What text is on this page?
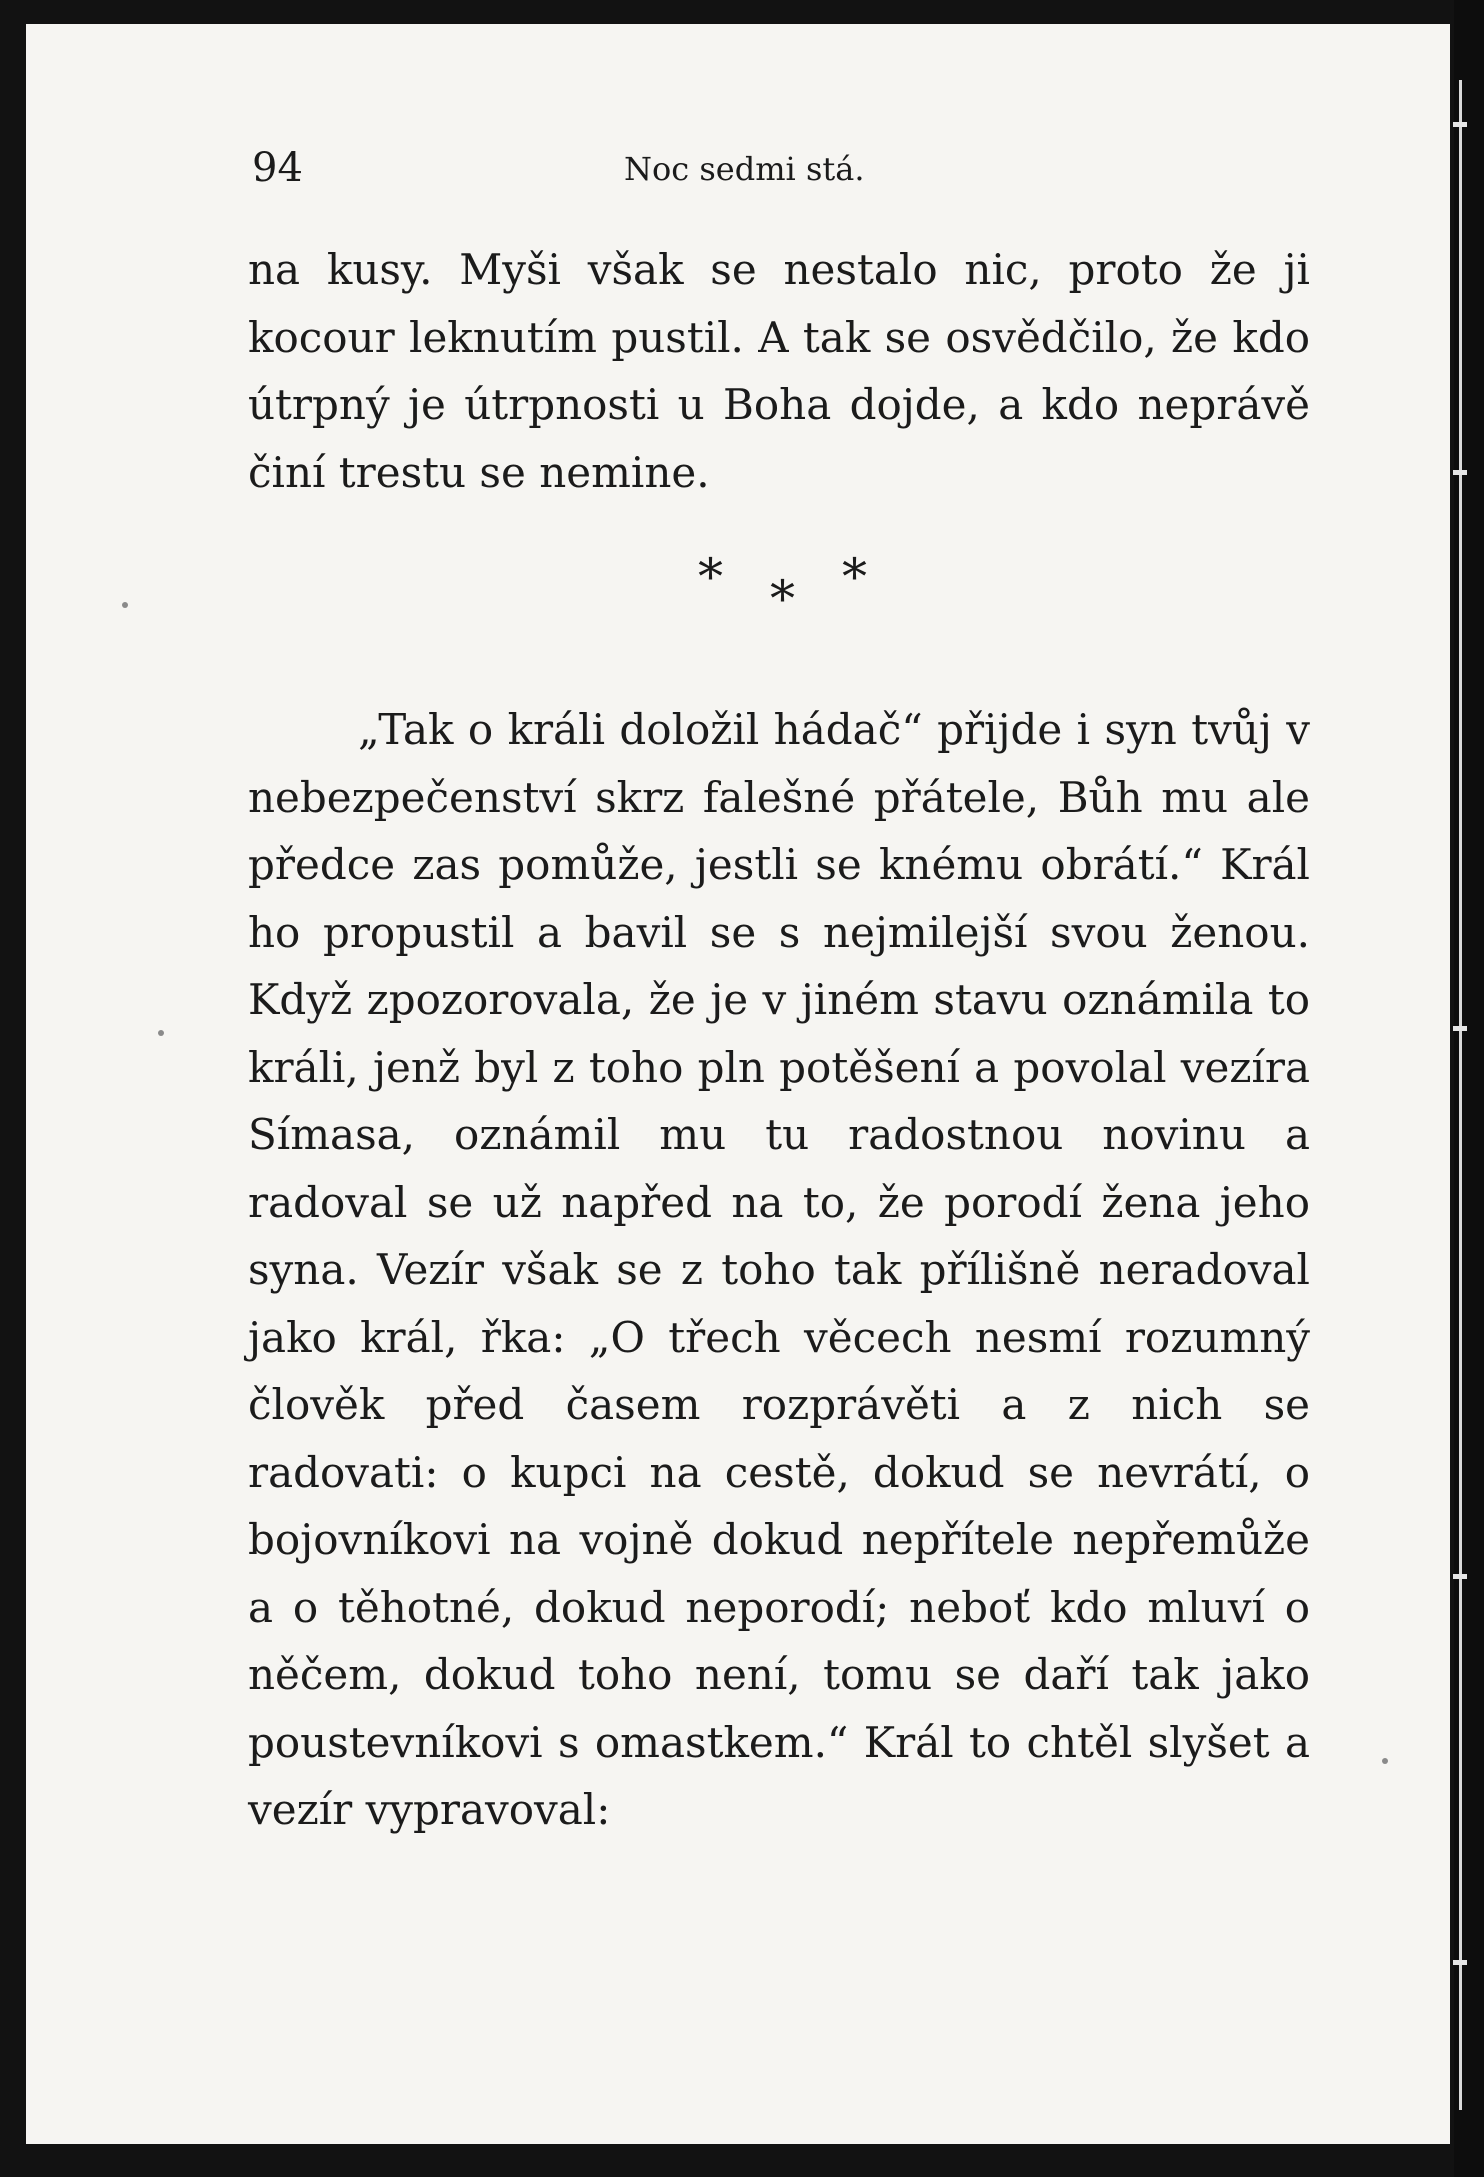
94	Noc sedmi stá.

na kusy. Myši však se nestalo nic, proto že ji kocour leknutím pustil. A tak se osvědčilo, že kdo útrpný je útrpnosti u Boha dojde, a kdo neprávě činí trestu se nemine.

* * *

„Tak o králi doložil hádač“ přijde i syn tvůj v nebezpečenství skrz falešné přátele, Bůh mu ale předce zas pomůže, jestli se knému obrátí.“ Král ho propustil a bavil se s nejmilejší svou ženou. Když zpozorovala, že je v jiném stavu oznámila to králi, jenž byl z toho pln potěšení a povolal vezíra Símasa, oznámil mu tu radostnou novinu a radoval se už napřed na to, že porodí žena jeho syna. Vezír však se z toho tak přílišně neradoval jako král, řka: „O třech věcech nesmí rozumný člověk před časem rozprávěti a z nich se radovati: o kupci na cestě, dokud se nevrátí, o bojovníkovi na vojně dokud nepřítele nepřemůže a o těhotné, dokud neporodí; neboť kdo mluví o něčem, dokud toho není, tomu se daří tak jako poustevníkovi s omastkem.“ Král to chtěl slyšet a vezír vypravoval:
